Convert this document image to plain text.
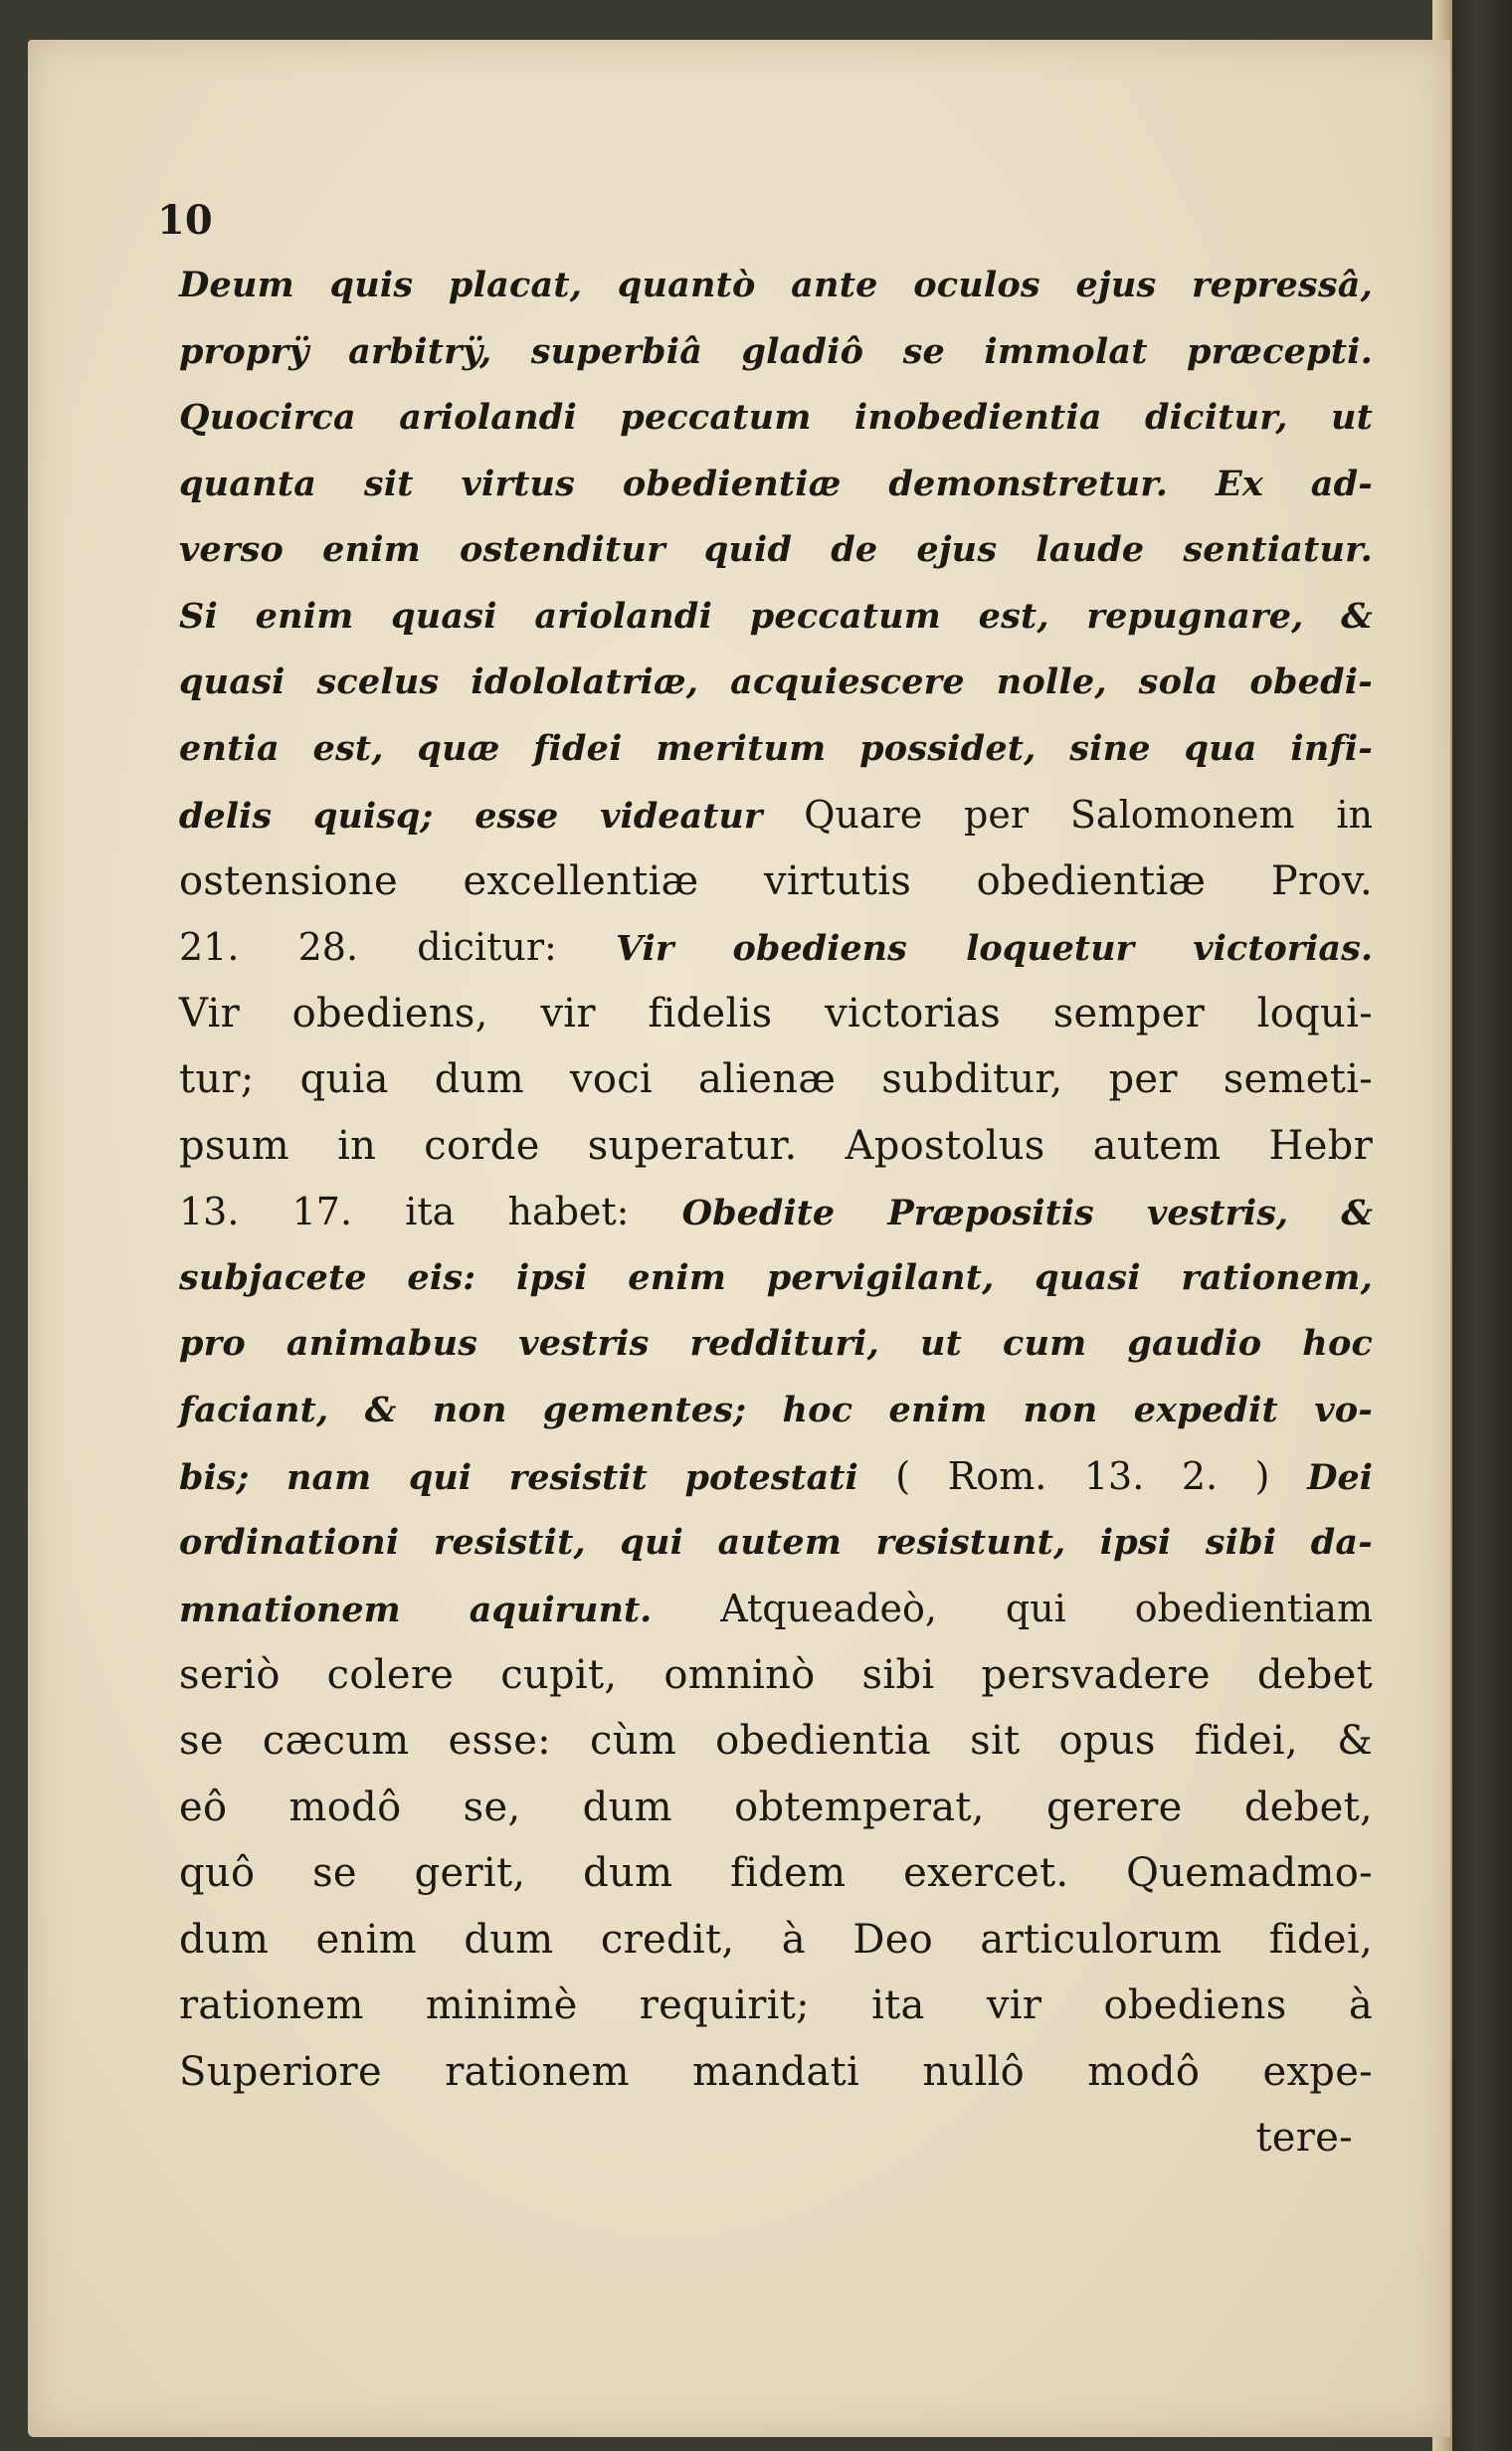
10
Deum quis placat, quantò ante oculos ejus repressâ,
proprÿ arbitrÿ, superbiâ gladiô se immolat præcepti.
Quocirca ariolandi peccatum inobedientia dicitur, ut
quanta sit virtus obedientiæ demonstretur. Ex ad-
verso enim ostenditur quid de ejus laude sentiatur.
Si enim quasi ariolandi peccatum est, repugnare, &
quasi scelus idololatriæ, acquiescere nolle, sola obedi-
entia est, quæ fidei meritum possidet, sine qua infi-
delis quisq; esse videatur Quare per Salomonem in
ostensione excellentiæ virtutis obedientiæ Prov.
21. 28. dicitur: Vir obediens loquetur victorias.
Vir obediens, vir fidelis victorias semper loqui-
tur; quia dum voci alienæ subditur, per semeti-
psum in corde superatur. Apostolus autem Hebr
13. 17. ita habet: Obedite Præpositis vestris, &
subjacete eis: ipsi enim pervigilant, quasi rationem,
pro animabus vestris reddituri, ut cum gaudio hoc
faciant, & non gementes; hoc enim non expedit vo-
bis; nam qui resistit potestati ( Rom. 13. 2. ) Dei
ordinationi resistit, qui autem resistunt, ipsi sibi da-
mnationem aquirunt. Atqueadeò, qui obedientiam
seriò colere cupit, omninò sibi persvadere debet
se cæcum esse: cùm obedientia sit opus fidei, &
eô modô se, dum obtemperat, gerere debet,
quô se gerit, dum fidem exercet. Quemadmo-
dum enim dum credit, à Deo articulorum fidei,
rationem minimè requirit; ita vir obediens à
Superiore rationem mandati nullô modô expe-
tere-
